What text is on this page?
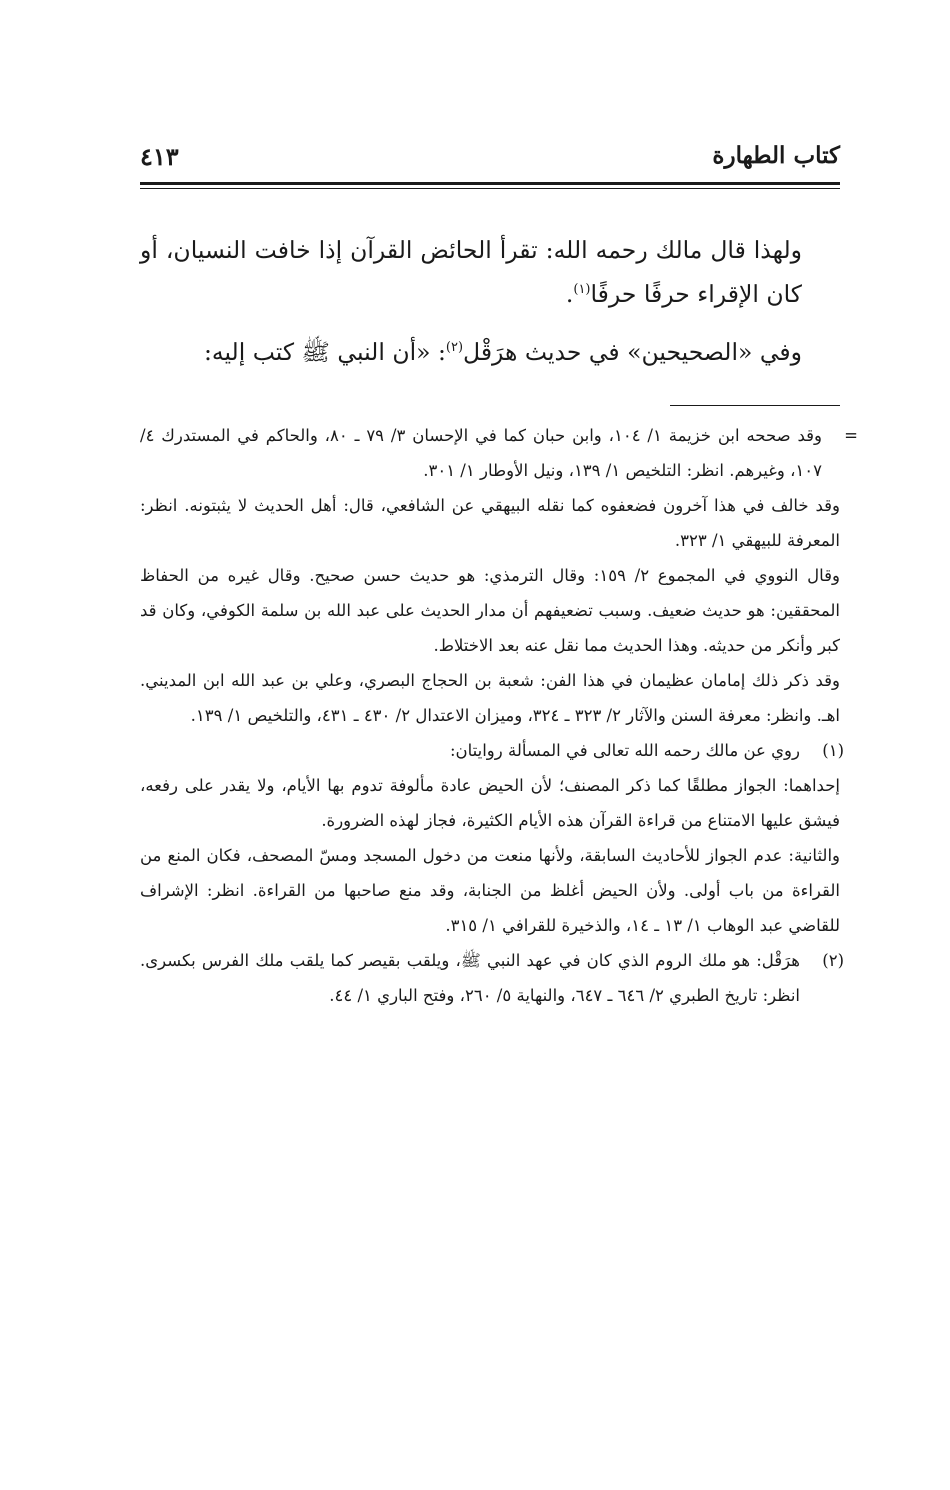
كتاب الطهارة
٤١٣

ولهذا قال مالك رحمه الله: تقرأ الحائض القرآن إذا خافت النسيان، أو كان الإقراء حرفًا حرفًا$^{(١)}$.

وفي «الصحيحين» في حديث هرَقْل$^{(٢)}$: «أن النبي ﷺ كتب إليه:

=
وقد صححه ابن خزيمة ١/ ١٠٤، وابن حبان كما في الإحسان ٣/ ٧٩ ـ ٨٠، والحاكم في المستدرك ٤/ ١٠٧، وغيرهم. انظر: التلخيص ١/ ١٣٩، ونيل الأوطار ١/ ٣٠١.

وقد خالف في هذا آخرون فضعفوه كما نقله البيهقي عن الشافعي، قال: أهل الحديث لا يثبتونه. انظر: المعرفة للبيهقي ١/ ٣٢٣.

وقال النووي في المجموع ٢/ ١٥٩: وقال الترمذي: هو حديث حسن صحيح. وقال غيره من الحفاظ المحققين: هو حديث ضعيف. وسبب تضعيفهم أن مدار الحديث على عبد الله بن سلمة الكوفي، وكان قد كبر وأنكر من حديثه. وهذا الحديث مما نقل عنه بعد الاختلاط.

وقد ذكر ذلك إمامان عظيمان في هذا الفن: شعبة بن الحجاج البصري، وعلي بن عبد الله ابن المديني. اهـ. وانظر: معرفة السنن والآثار ٢/ ٣٢٣ ـ ٣٢٤، وميزان الاعتدال ٢/ ٤٣٠ ـ ٤٣١، والتلخيص ١/ ١٣٩.

(١)
روي عن مالك رحمه الله تعالى في المسألة روايتان:

إحداهما: الجواز مطلقًا كما ذكر المصنف؛ لأن الحيض عادة مألوفة تدوم بها الأيام، ولا يقدر على رفعه، فيشق عليها الامتناع من قراءة القرآن هذه الأيام الكثيرة، فجاز لهذه الضرورة.

والثانية: عدم الجواز للأحاديث السابقة، ولأنها منعت من دخول المسجد ومسّ المصحف، فكان المنع من القراءة من باب أولى. ولأن الحيض أغلظ من الجنابة، وقد منع صاحبها من القراءة. انظر: الإشراف للقاضي عبد الوهاب ١/ ١٣ ـ ١٤، والذخيرة للقرافي ١/ ٣١٥.

(٢)
هرَقْل: هو ملك الروم الذي كان في عهد النبي ﷺ، ويلقب بقيصر كما يلقب ملك الفرس بكسرى. انظر: تاريخ الطبري ٢/ ٦٤٦ ـ ٦٤٧، والنهاية ٥/ ٢٦٠، وفتح الباري ١/ ٤٤.
